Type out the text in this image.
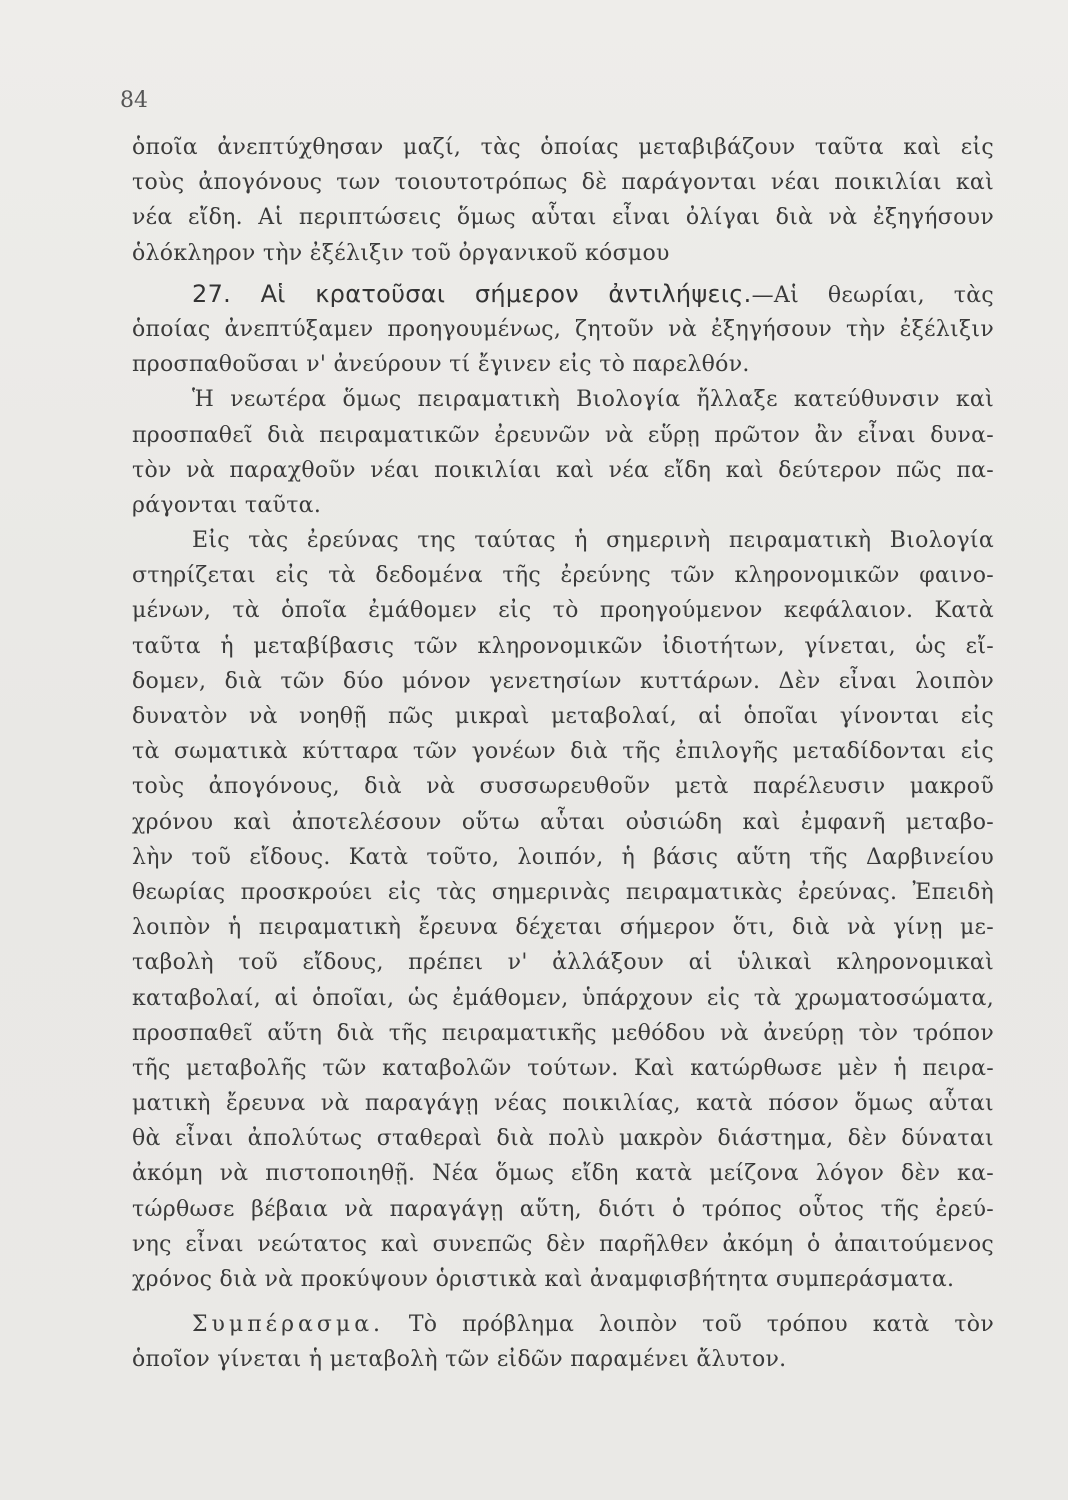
84
ὁποῖα ἀνεπτύχθησαν μαζί, τὰς ὁποίας μεταβιβάζουν ταῦτα καὶ εἰς
τοὺς ἀπογόνους των τοιουτοτρόπως δὲ παράγονται νέαι ποικιλίαι καὶ
νέα εἴδη. Αἱ περιπτώσεις ὅμως αὗται εἶναι ὀλίγαι διὰ νὰ ἐξηγήσουν
ὁλόκληρον τὴν ἐξέλιξιν τοῦ ὀργανικοῦ κόσμου
27. Αἱ κρατοῦσαι σήμερον ἀντιλήψεις.—Αἱ θεωρίαι, τὰς
ὁποίας ἀνεπτύξαμεν προηγουμένως, ζητοῦν νὰ ἐξηγήσουν τὴν ἐξέλιξιν
προσπαθοῦσαι ν' ἀνεύρουν τί ἔγινεν εἰς τὸ παρελθόν.
Ἡ νεωτέρα ὅμως πειραματικὴ Βιολογία ἤλλαξε κατεύθυνσιν καὶ
προσπαθεῖ διὰ πειραματικῶν ἐρευνῶν νὰ εὕρῃ πρῶτον ἂν εἶναι δυνα-
τὸν νὰ παραχθοῦν νέαι ποικιλίαι καὶ νέα εἴδη καὶ δεύτερον πῶς πα-
ράγονται ταῦτα.
Εἰς τὰς ἐρεύνας της ταύτας ἡ σημερινὴ πειραματικὴ Βιολογία
στηρίζεται εἰς τὰ δεδομένα τῆς ἐρεύνης τῶν κληρονομικῶν φαινο-
μένων, τὰ ὁποῖα ἐμάθομεν εἰς τὸ προηγούμενον κεφάλαιον. Κατὰ
ταῦτα ἡ μεταβίβασις τῶν κληρονομικῶν ἰδιοτήτων, γίνεται, ὡς εἴ-
δομεν, διὰ τῶν δύο μόνον γενετησίων κυττάρων. Δὲν εἶναι λοιπὸν
δυνατὸν νὰ νοηθῇ πῶς μικραὶ μεταβολαί, αἱ ὁποῖαι γίνονται εἰς
τὰ σωματικὰ κύτταρα τῶν γονέων διὰ τῆς ἐπιλογῆς μεταδίδονται εἰς
τοὺς ἀπογόνους, διὰ νὰ συσσωρευθοῦν μετὰ παρέλευσιν μακροῦ
χρόνου καὶ ἀποτελέσουν οὕτω αὗται οὐσιώδη καὶ ἐμφανῆ μεταβο-
λὴν τοῦ εἴδους. Κατὰ τοῦτο, λοιπόν, ἡ βάσις αὕτη τῆς Δαρβινείου
θεωρίας προσκρούει εἰς τὰς σημερινὰς πειραματικὰς ἐρεύνας. Ἐπειδὴ
λοιπὸν ἡ πειραματικὴ ἔρευνα δέχεται σήμερον ὅτι, διὰ νὰ γίνῃ με-
ταβολὴ τοῦ εἴδους, πρέπει ν' ἀλλάξουν αἱ ὑλικαὶ κληρονομικαὶ
καταβολαί, αἱ ὁποῖαι, ὡς ἐμάθομεν, ὑπάρχουν εἰς τὰ χρωματοσώματα,
προσπαθεῖ αὕτη διὰ τῆς πειραματικῆς μεθόδου νὰ ἀνεύρῃ τὸν τρόπον
τῆς μεταβολῆς τῶν καταβολῶν τούτων. Καὶ κατώρθωσε μὲν ἡ πειρα-
ματικὴ ἔρευνα νὰ παραγάγῃ νέας ποικιλίας, κατὰ πόσον ὅμως αὗται
θὰ εἶναι ἀπολύτως σταθεραὶ διὰ πολὺ μακρὸν διάστημα, δὲν δύναται
ἀκόμη νὰ πιστοποιηθῇ. Νέα ὅμως εἴδη κατὰ μείζονα λόγον δὲν κα-
τώρθωσε βέβαια νὰ παραγάγῃ αὕτη, διότι ὁ τρόπος οὗτος τῆς ἐρεύ-
νης εἶναι νεώτατος καὶ συνεπῶς δὲν παρῆλθεν ἀκόμη ὁ ἀπαιτούμενος
χρόνος διὰ νὰ προκύψουν ὁριστικὰ καὶ ἀναμφισβήτητα συμπεράσματα.
Συμπέρασμα. Τὸ πρόβλημα λοιπὸν τοῦ τρόπου κατὰ τὸν
ὁποῖον γίνεται ἡ μεταβολὴ τῶν εἰδῶν παραμένει ἄλυτον.
